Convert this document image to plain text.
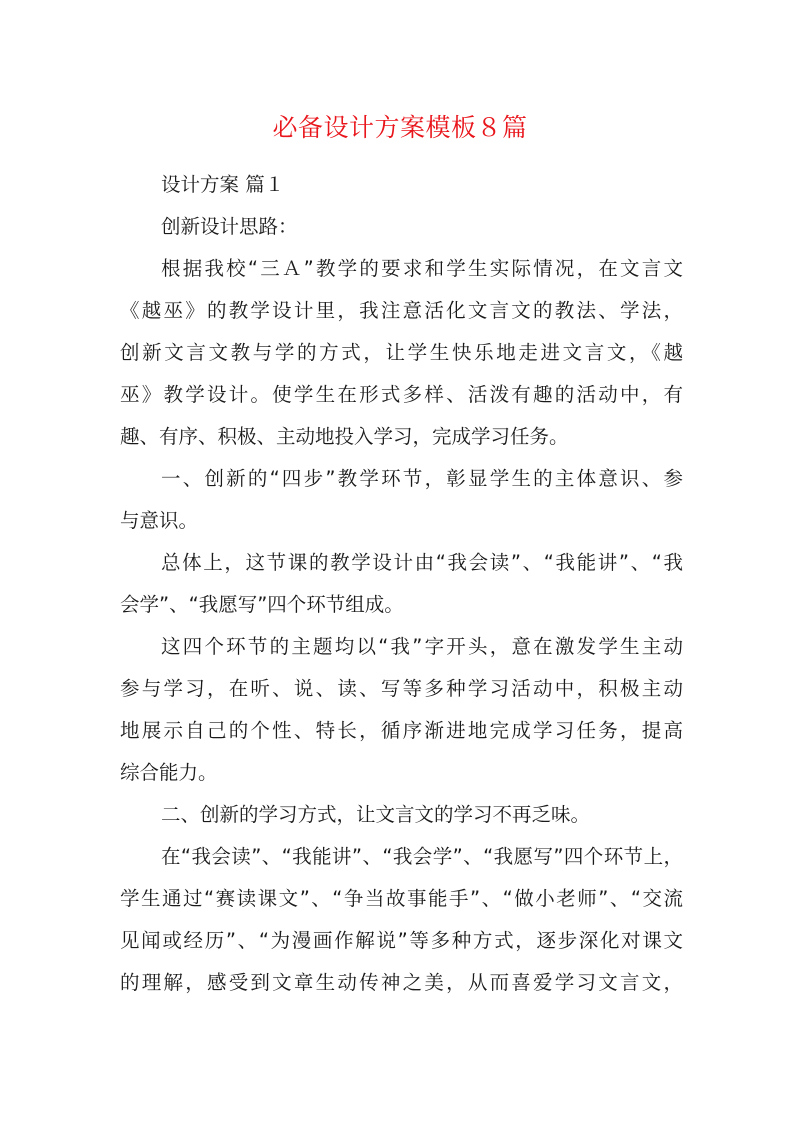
必备设计方案模板８篇
设计方案 篇１
创新设计思路：
根据我校“三Ａ”教学的要求和学生实际情况，在文言文
《越巫》的教学设计里，我注意活化文言文的教法、学法，
创新文言文教与学的方式，让学生快乐地走进文言文，《越
巫》教学设计。使学生在形式多样、活泼有趣的活动中，有
趣、有序、积极、主动地投入学习，完成学习任务。
一、创新的“四步”教学环节，彰显学生的主体意识、参
与意识。
总体上，这节课的教学设计由“我会读”、“我能讲”、“我
会学”、“我愿写”四个环节组成。
这四个环节的主题均以“我”字开头，意在激发学生主动
参与学习，在听、说、读、写等多种学习活动中，积极主动
地展示自己的个性、特长，循序渐进地完成学习任务，提高
综合能力。
二、创新的学习方式，让文言文的学习不再乏味。
在“我会读”、“我能讲”、“我会学”、“我愿写”四个环节上，
学生通过“赛读课文”、“争当故事能手”、“做小老师”、“交流
见闻或经历”、“为漫画作解说”等多种方式，逐步深化对课文
的理解，感受到文章生动传神之美，从而喜爱学习文言文，
